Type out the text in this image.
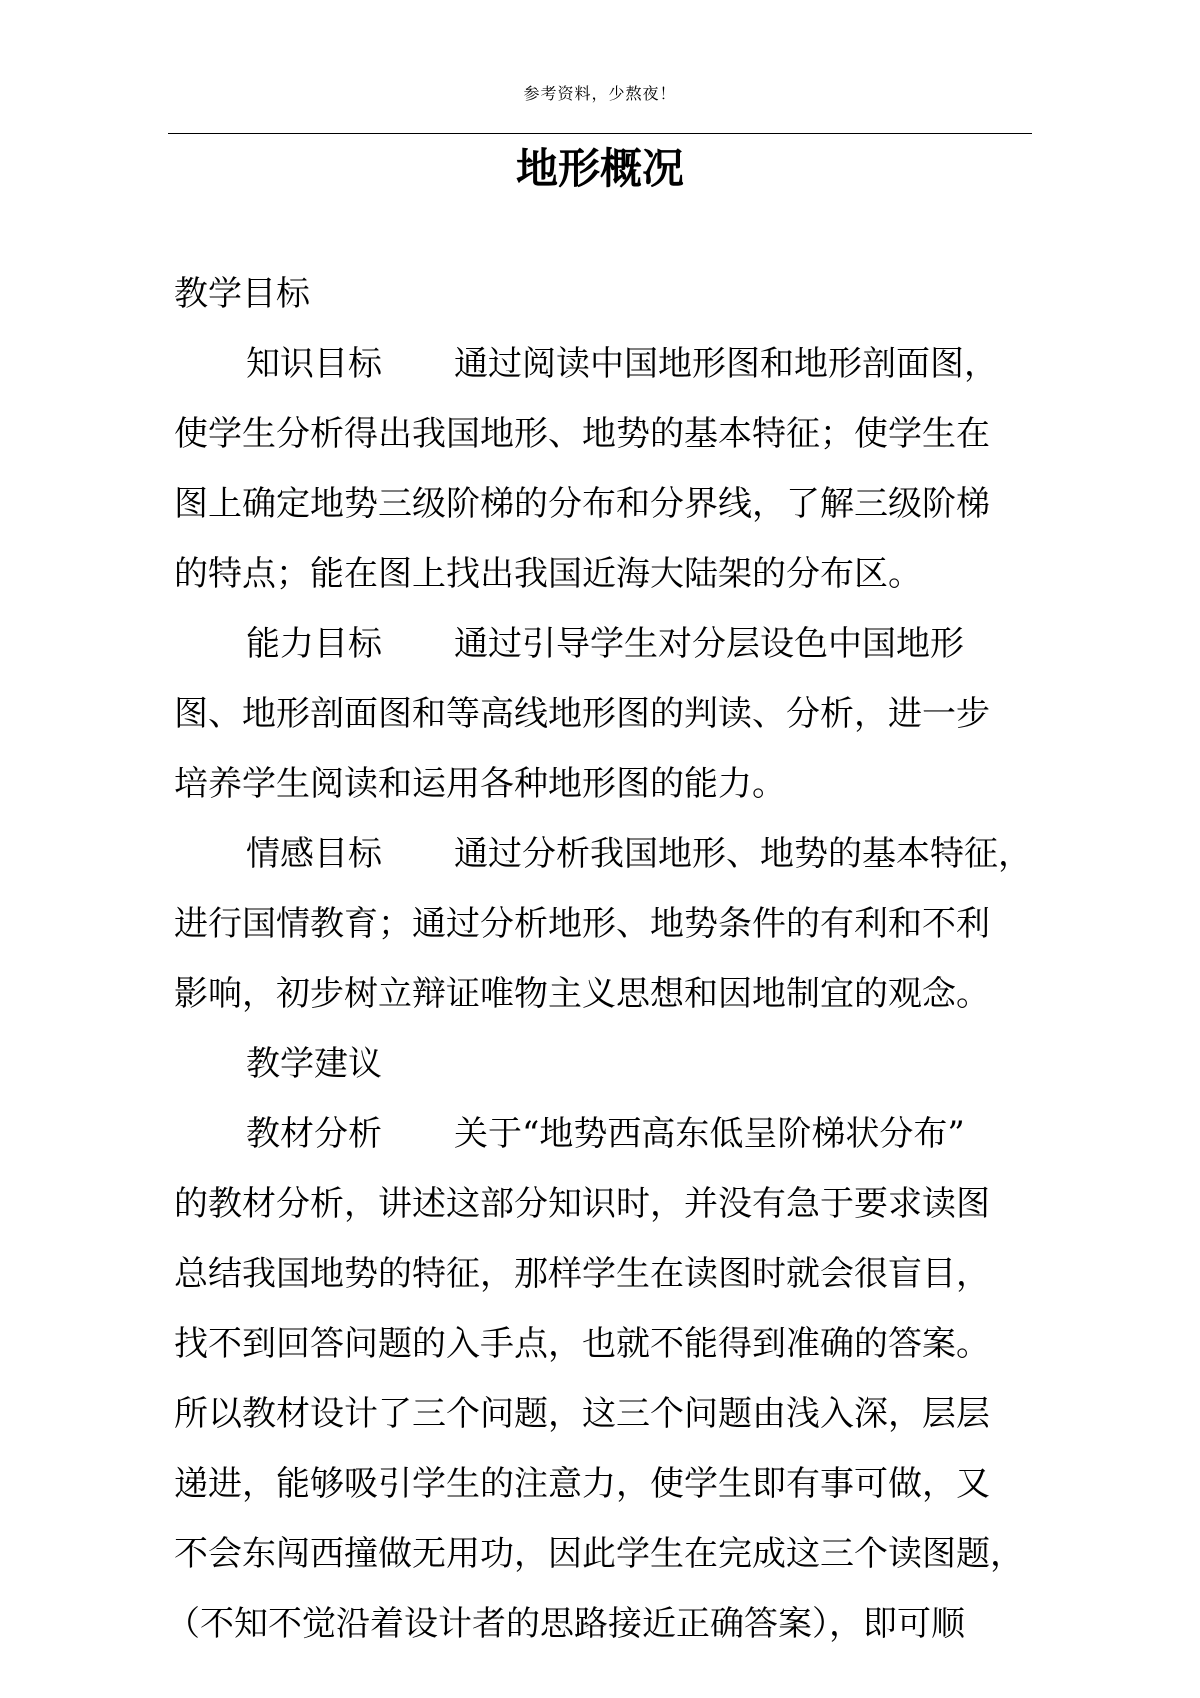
参考资料，少熬夜！
地形概况

教学目标

知识目标 通过阅读中国地形图和地形剖面图，

使学生分析得出我国地形、地势的基本特征；使学生在

图上确定地势三级阶梯的分布和分界线，了解三级阶梯

的特点；能在图上找出我国近海大陆架的分布区。

能力目标 通过引导学生对分层设色中国地形

图、地形剖面图和等高线地形图的判读、分析，进一步

培养学生阅读和运用各种地形图的能力。

情感目标 通过分析我国地形、地势的基本特征，

进行国情教育；通过分析地形、地势条件的有利和不利

影响，初步树立辩证唯物主义思想和因地制宜的观念。

教学建议

教材分析 关于“地势西高东低呈阶梯状分布”

的教材分析，讲述这部分知识时，并没有急于要求读图

总结我国地势的特征，那样学生在读图时就会很盲目，

找不到回答问题的入手点，也就不能得到准确的答案。

所以教材设计了三个问题，这三个问题由浅入深，层层

递进，能够吸引学生的注意力，使学生即有事可做，又

不会东闯西撞做无用功，因此学生在完成这三个读图题，

（不知不觉沿着设计者的思路接近正确答案），即可顺
